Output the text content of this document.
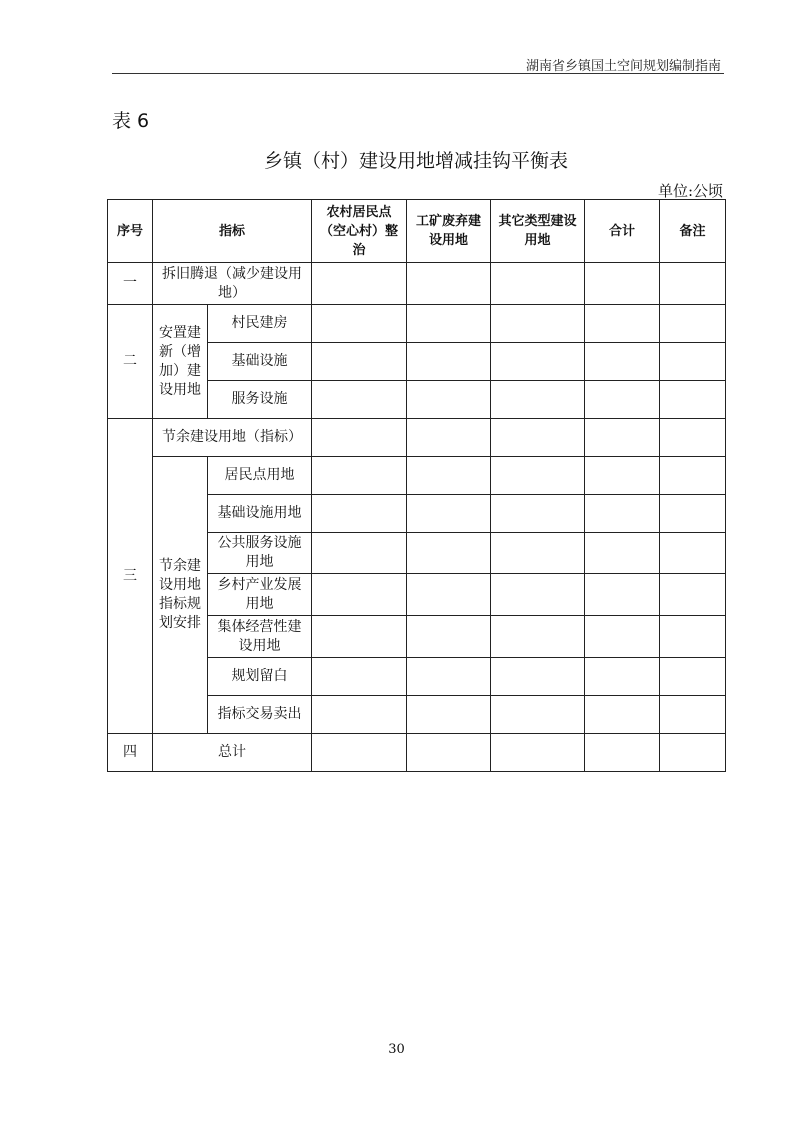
湖南省乡镇国土空间规划编制指南
表 6
乡镇（村）建设用地增减挂钩平衡表
单位:公顷
序号	指标		农村居民点（空心村）整治	工矿废弃建设用地	其它类型建设用地	合计	备注
一	拆旧腾退（减少建设用地）						
二	安置建新（增加）建设用地	村民建房					
		基础设施					
		服务设施					
三	节余建设用地（指标）						
	节余建设用地指标规划安排	居民点用地					
		基础设施用地					
		公共服务设施用地					
		乡村产业发展用地					
		集体经营性建设用地					
		规划留白					
		指标交易卖出					
四	总计						
30
